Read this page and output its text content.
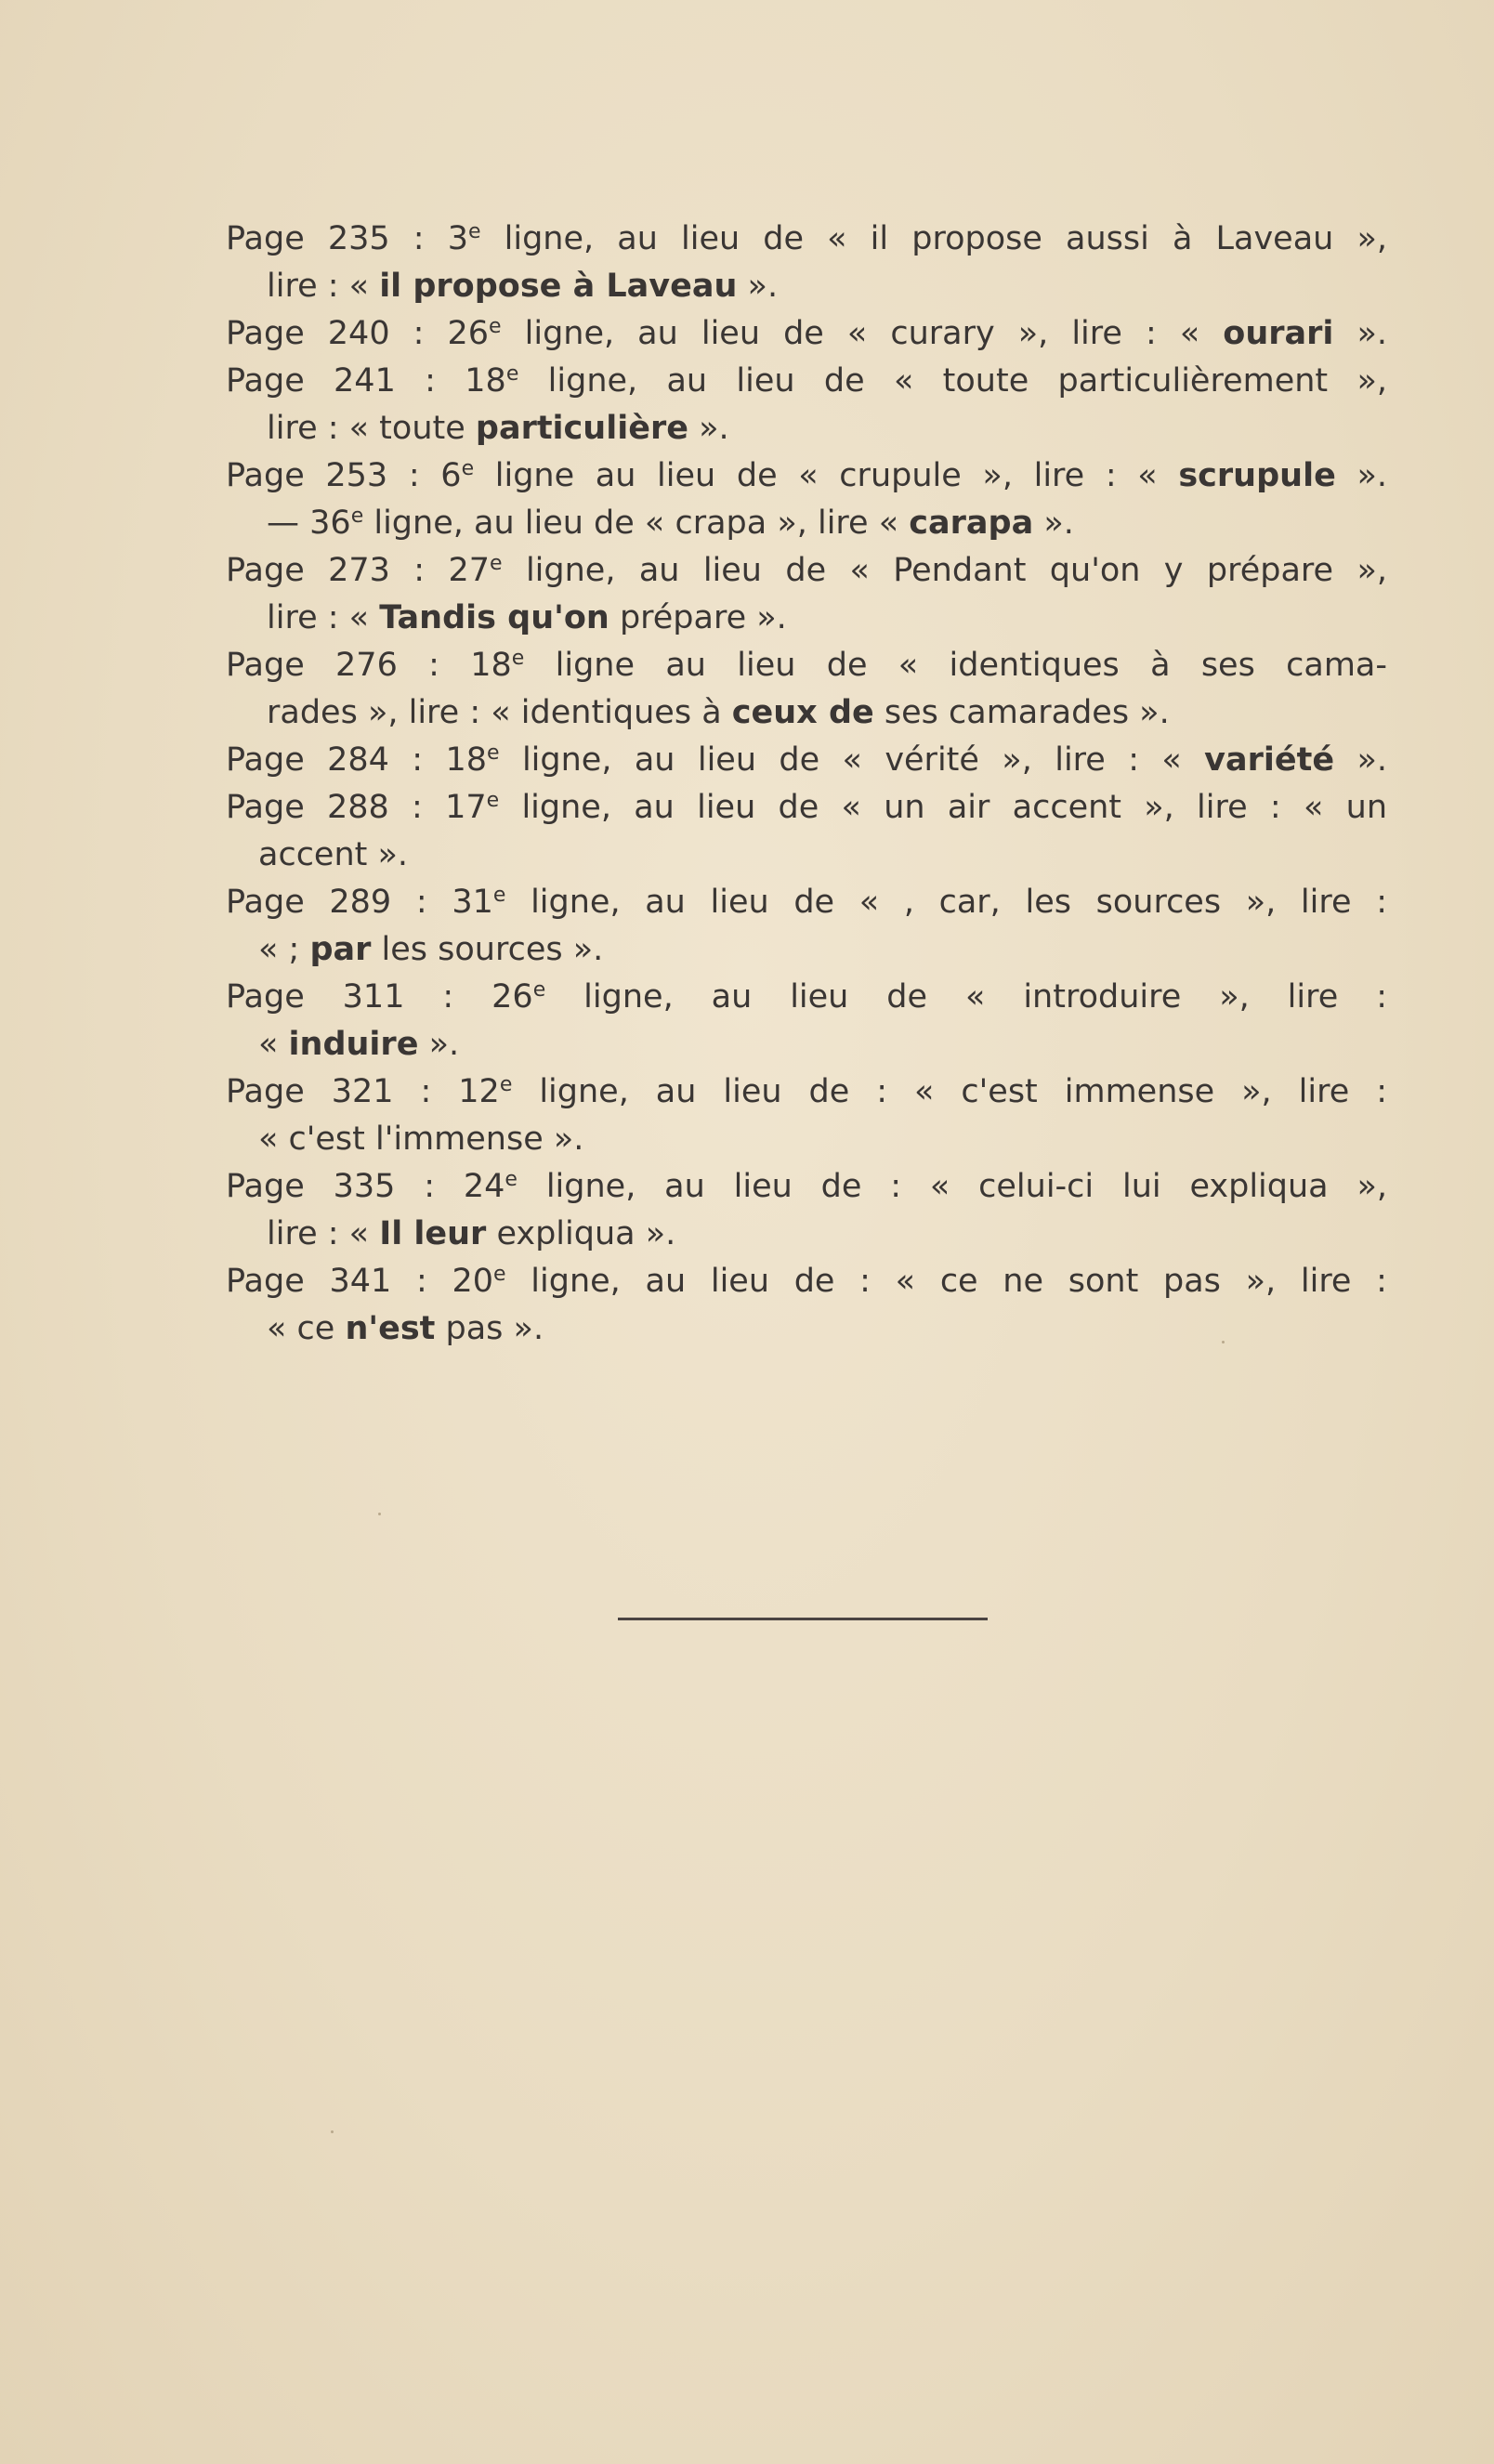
Page 235 : 3e ligne, au lieu de « il propose aussi à Laveau »,
lire : « il propose à Laveau ».
Page 240 : 26e ligne, au lieu de « curary », lire : « ourari ».
Page 241 : 18e ligne, au lieu de « toute particulièrement »,
lire : « toute particulière ».
Page 253 : 6e ligne au lieu de « crupule », lire : « scrupule ».
— 36e ligne, au lieu de « crapa », lire « carapa ».
Page 273 : 27e ligne, au lieu de « Pendant qu'on y prépare »,
lire : « Tandis qu'on prépare ».
Page 276 : 18e ligne au lieu de « identiques à ses cama-
rades », lire : « identiques à ceux de ses camarades ».
Page 284 : 18e ligne, au lieu de « vérité », lire : « variété ».
Page 288 : 17e ligne, au lieu de « un air accent », lire : « un
accent ».
Page 289 : 31e ligne, au lieu de « , car, les sources », lire :
« ; par les sources ».
Page 311 : 26e ligne, au lieu de « introduire », lire :
« induire ».
Page 321 : 12e ligne, au lieu de : « c'est immense », lire :
« c'est l'immense ».
Page 335 : 24e ligne, au lieu de : « celui-ci lui expliqua »,
lire : « Il leur expliqua ».
Page 341 : 20e ligne, au lieu de : « ce ne sont pas », lire :
« ce n'est pas ».
